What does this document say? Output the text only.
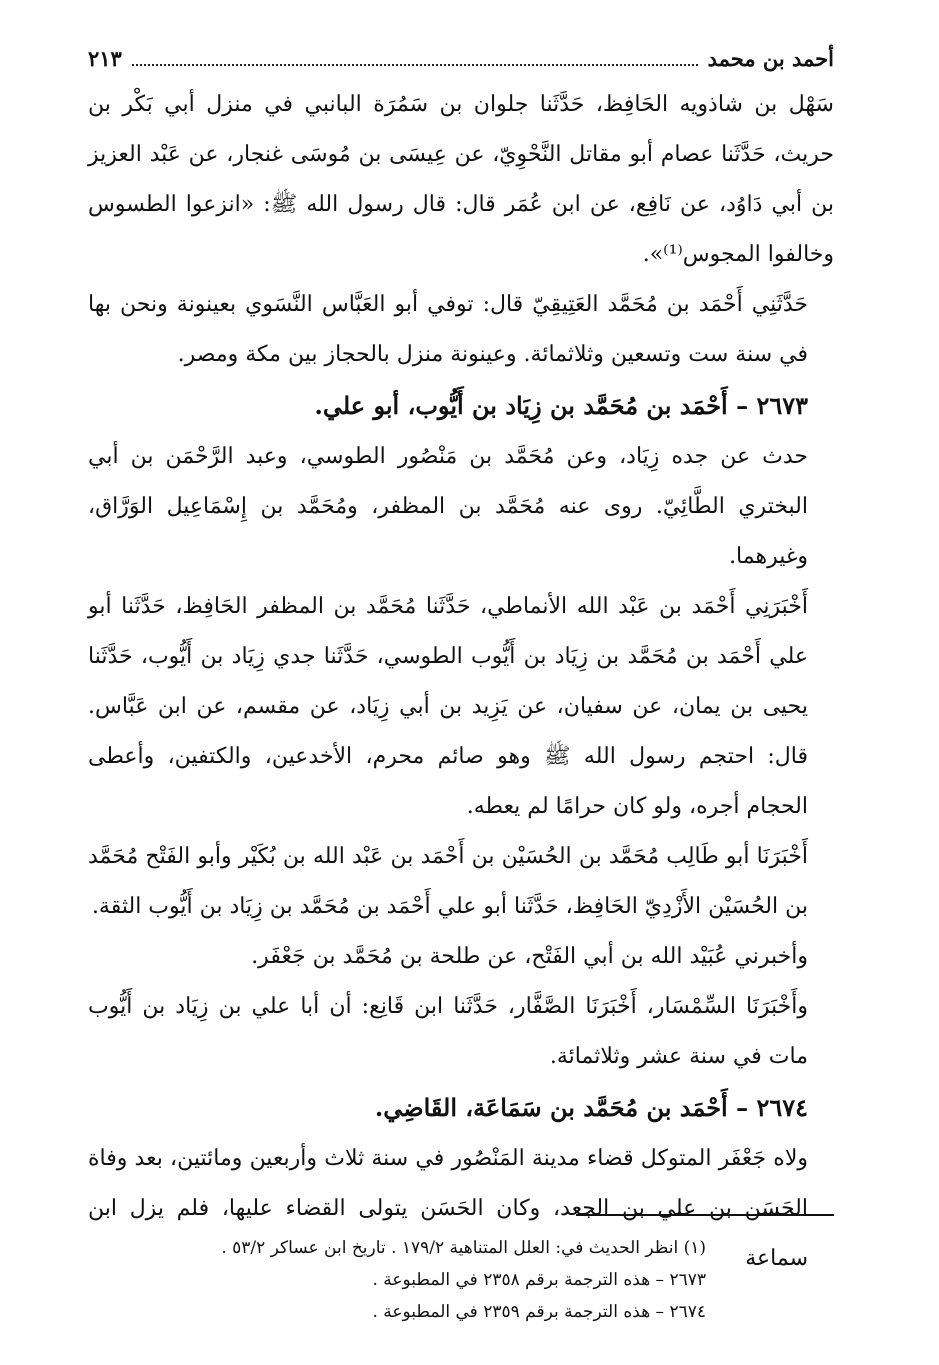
أحمد بن محمد
٢١٣

سَهْل بن شاذويه الحَافِظ، حَدَّثَنا جلوان بن سَمُرَة البانبي في منزل أبي بَكْر بن حريث، حَدَّثَنا عصام أبو مقاتل النَّحْوِيّ، عن عِيسَى بن مُوسَى غنجار، عن عَبْد العزيز بن أبي دَاوُد، عن نَافِع، عن ابن عُمَر قال: قال رسول الله ﷺ: «انزعوا الطسوس وخالفوا المجوس⁽¹⁾».

حَدَّثَنِي أَحْمَد بن مُحَمَّد العَتِيقِيّ قال: توفي أبو العَبَّاس النَّسَوي بعينونة ونحن بها في سنة ست وتسعين وثلاثمائة. وعينونة منزل بالحجاز بين مكة ومصر.

٢٦٧٣ – أَحْمَد بن مُحَمَّد بن زِيَاد بن أَيُّوب، أبو علي.

حدث عن جده زِيَاد، وعن مُحَمَّد بن مَنْصُور الطوسي، وعبد الرَّحْمَن بن أبي البختري الطَّائِيّ. روى عنه مُحَمَّد بن المظفر، ومُحَمَّد بن إِسْمَاعِيل الوَرَّاق، وغيرهما.

أَخْبَرَنِي أَحْمَد بن عَبْد الله الأنماطي، حَدَّثَنا مُحَمَّد بن المظفر الحَافِظ، حَدَّثَنا أبو علي أَحْمَد بن مُحَمَّد بن زِيَاد بن أَيُّوب الطوسي، حَدَّثَنا جدي زِيَاد بن أَيُّوب، حَدَّثَنا يحيى بن يمان، عن سفيان، عن يَزِيد بن أبي زِيَاد، عن مقسم، عن ابن عَبَّاس. قال: احتجم رسول الله ﷺ وهو صائم محرم، الأخدعين، والكتفين، وأعطى الحجام أجره، ولو كان حرامًا لم يعطه.

أَخْبَرَنَا أبو طَالِب مُحَمَّد بن الحُسَيْن بن أَحْمَد بن عَبْد الله بن بُكَيْر وأبو الفَتْح مُحَمَّد بن الحُسَيْن الأَزْدِيّ الحَافِظ، حَدَّثَنا أبو علي أَحْمَد بن مُحَمَّد بن زِيَاد بن أَيُّوب الثقة.

وأخبرني عُبَيْد الله بن أبي الفَتْح، عن طلحة بن مُحَمَّد بن جَعْفَر.

وأَخْبَرَنَا السِّمْسَار، أَخْبَرَنَا الصَّفَّار، حَدَّثَنا ابن قَانِع: أن أبا علي بن زِيَاد بن أَيُّوب مات في سنة عشر وثلاثمائة.

٢٦٧٤ – أَحْمَد بن مُحَمَّد بن سَمَاعَة، القَاضِي.

ولاه جَعْفَر المتوكل قضاء مدينة المَنْصُور في سنة ثلاث وأربعين ومائتين، بعد وفاة الحَسَن بن علي بن الجعد، وكان الحَسَن يتولى القضاء عليها، فلم يزل ابن سماعة

(١) انظر الحديث في: العلل المتناهية ١٧٩/٢ . تاريخ ابن عساكر ٥٣/٢ .
٢٦٧٣ – هذه الترجمة برقم ٢٣٥٨ في المطبوعة .
٢٦٧٤ – هذه الترجمة برقم ٢٣٥٩ في المطبوعة .
